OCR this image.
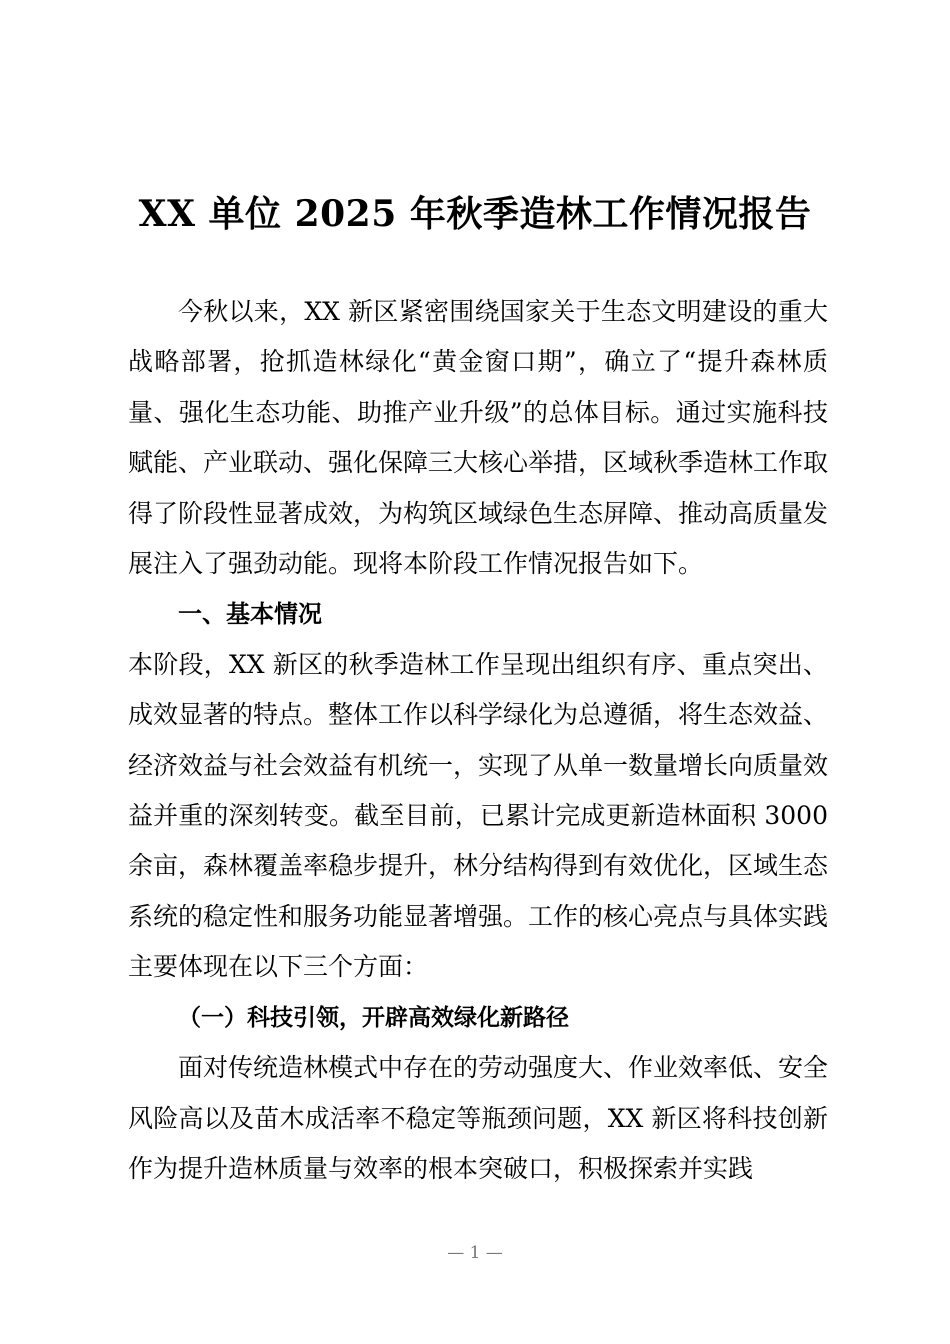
XX 单位 2025 年秋季造林工作情况报告

今秋以来，XX 新区紧密围绕国家关于生态文明建设的重大战略部署，抢抓造林绿化“黄金窗口期”，确立了“提升森林质量、强化生态功能、助推产业升级”的总体目标。通过实施科技赋能、产业联动、强化保障三大核心举措，区域秋季造林工作取得了阶段性显著成效，为构筑区域绿色生态屏障、推动高质量发展注入了强劲动能。现将本阶段工作情况报告如下。

一、基本情况

本阶段，XX 新区的秋季造林工作呈现出组织有序、重点突出、成效显著的特点。整体工作以科学绿化为总遵循，将生态效益、经济效益与社会效益有机统一，实现了从单一数量增长向质量效益并重的深刻转变。截至目前，已累计完成更新造林面积 3000 余亩，森林覆盖率稳步提升，林分结构得到有效优化，区域生态系统的稳定性和服务功能显著增强。工作的核心亮点与具体实践主要体现在以下三个方面：

（一）科技引领，开辟高效绿化新路径

面对传统造林模式中存在的劳动强度大、作业效率低、安全风险高以及苗木成活率不稳定等瓶颈问题，XX 新区将科技创新作为提升造林质量与效率的根本突破口，积极探索并实践

— 1 —
